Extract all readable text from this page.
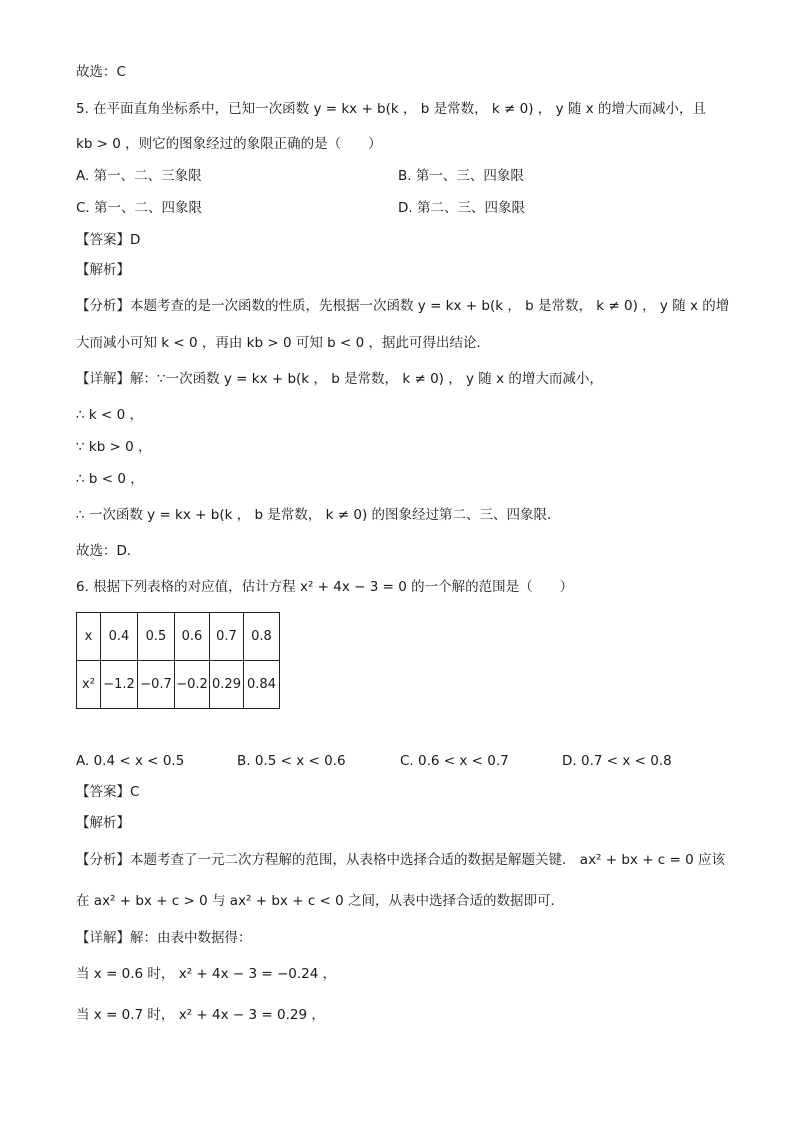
故选：C
5. 在平面直角坐标系中，已知一次函数 y = kx + b(k ， b 是常数， k ≠ 0) ， y 随 x 的增大而减小，且
kb > 0 ，则它的图象经过的象限正确的是（　　）
A. 第一、二、三象限	B. 第一、三、四象限
C. 第一、二、四象限	D. 第二、三、四象限
【答案】D
【解析】
【分析】本题考查的是一次函数的性质，先根据一次函数 y = kx + b(k ， b 是常数， k ≠ 0) ， y 随 x 的增
大而减小可知 k < 0 ，再由 kb > 0 可知 b < 0 ，据此可得出结论．
【详解】解：∵一次函数 y = kx + b(k ， b 是常数， k ≠ 0) ， y 随 x 的增大而减小，
∴ k < 0 ，
∵ kb > 0 ，
∴ b < 0 ，
∴ 一次函数 y = kx + b(k ， b 是常数， k ≠ 0) 的图象经过第二、三、四象限．
故选：D．
6. 根据下列表格的对应值，估计方程 x² + 4x − 3 = 0 的一个解的范围是（　　）
x	0.4	0.5	0.6	0.7	0.8
x²	−1.2	−0.7	−0.2	0.29	0.84
A. 0.4 < x < 0.5	B. 0.5 < x < 0.6	C. 0.6 < x < 0.7	D. 0.7 < x < 0.8
【答案】C
【解析】
【分析】本题考查了一元二次方程解的范围，从表格中选择合适的数据是解题关键． ax² + bx + c = 0 应该
在 ax² + bx + c > 0 与 ax² + bx + c < 0 之间，从表中选择合适的数据即可．
【详解】解：由表中数据得：
当 x = 0.6 时， x² + 4x − 3 = −0.24 ，
当 x = 0.7 时， x² + 4x − 3 = 0.29 ，
